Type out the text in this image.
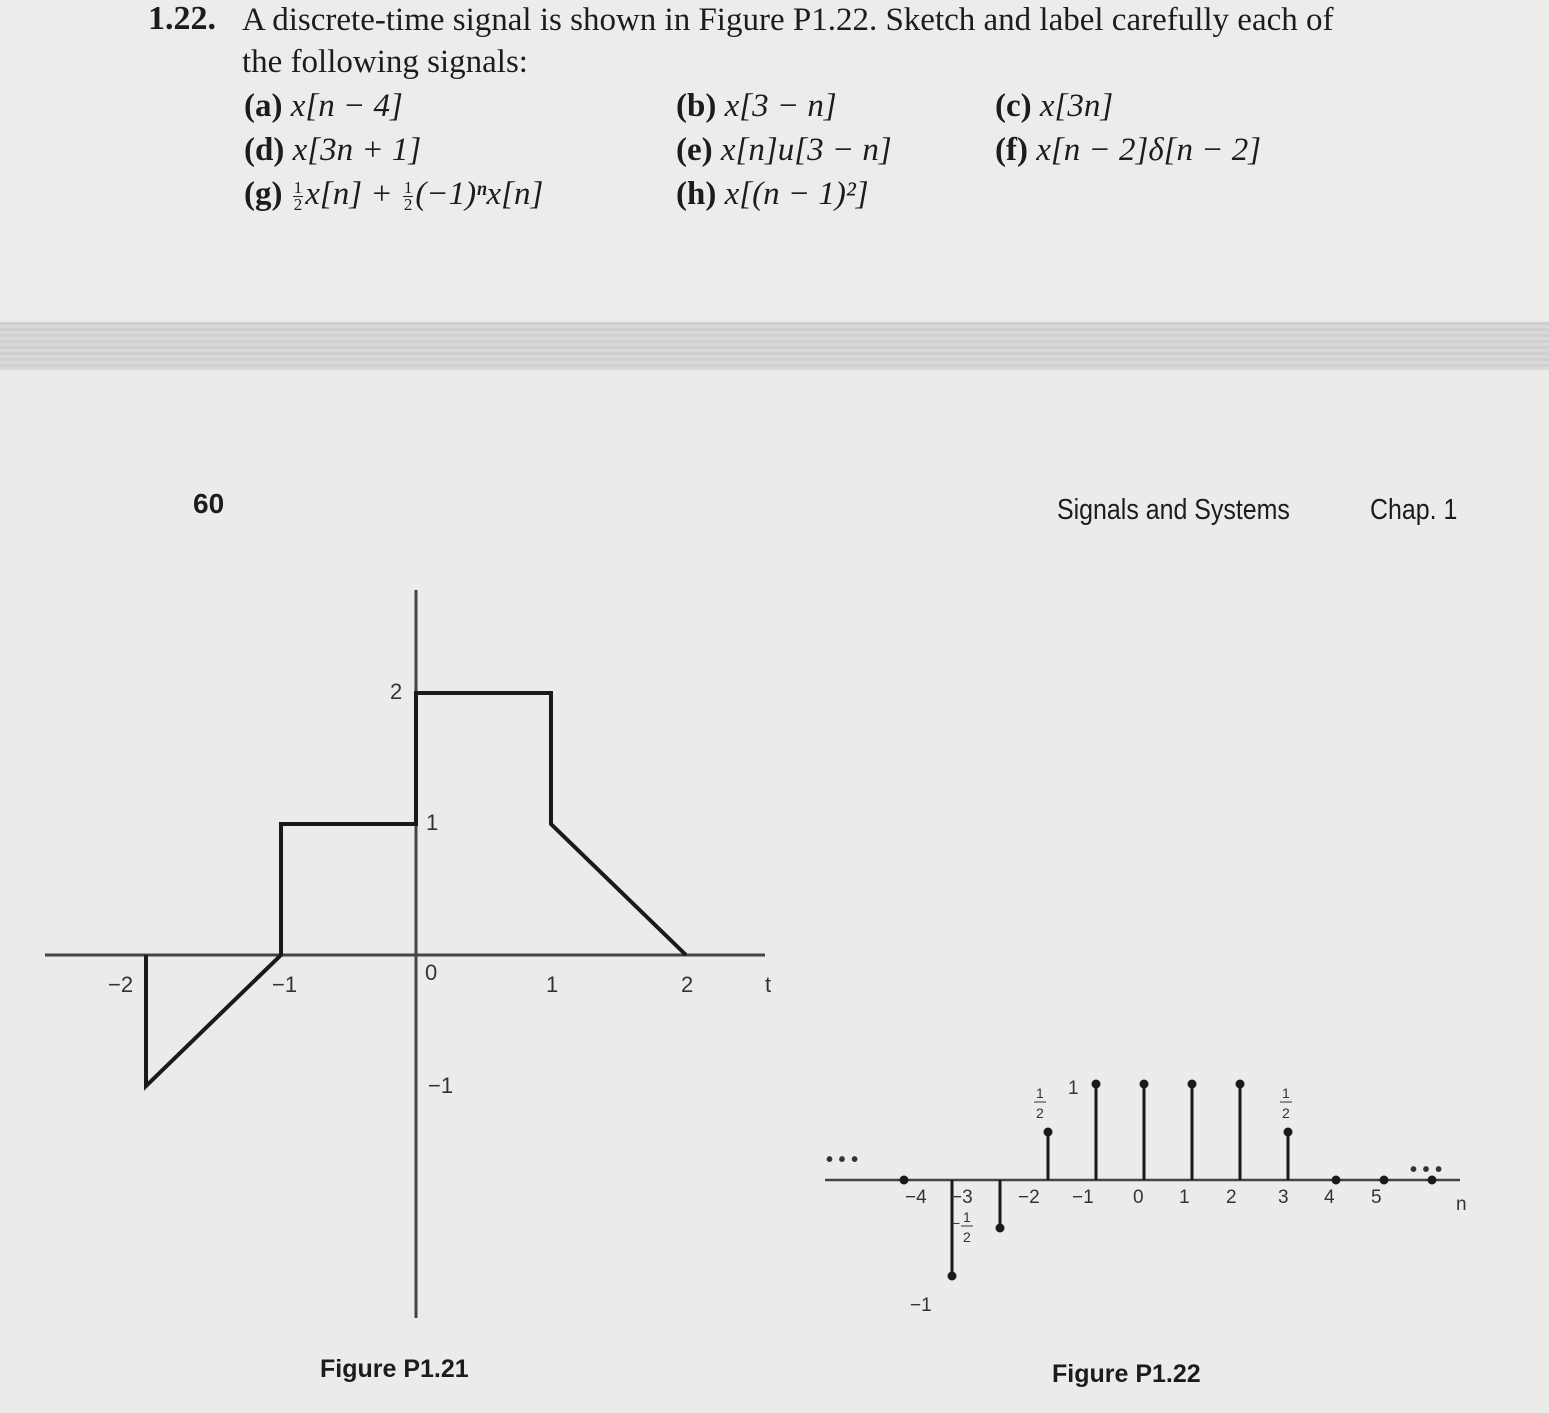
1.22. A discrete-time signal is shown in Figure P1.22. Sketch and label carefully each of
the following signals:
(a) x[n − 4]	(b) x[3 − n]	(c) x[3n]
(d) x[3n + 1]	(e) x[n]u[3 − n]	(f) x[n − 2]δ[n − 2]
$(g) \frac{1}{2} x[n] + \frac{1}{2} (-1)^nx[n]$	(h) x[(n − 1)²]
60	Signals and Systems	Chap. 1
−2	−1	0	1	2	t
2
1
−1
• • •	• • •
−4 −3 −2 −1 0 1 2 3 4 5	n
1
−1
1
2
1
2
− 1
2
Figure P1.21	Figure P1.22
